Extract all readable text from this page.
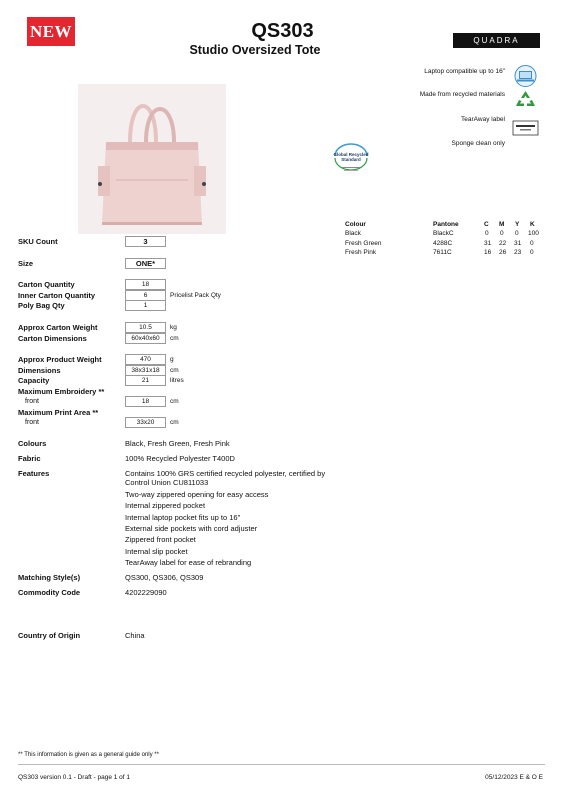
NEW	QS303
Studio Oversized Tote
QUADRA
Laptop compatible up to 16"
Made from recycled materials
TearAway label
Sponge clean only
Global Recycled
Standard
Colour	Pantone	C M Y K
Black	BlackC	0 0 0 100
Fresh Green	4288C	31 22 31 0
Fresh Pink	7611C	16 26 23 0
SKU Count	3
Size	ONE*
Carton Quantity	18
Inner Carton Quantity	6	Pricelist Pack Qty
Poly Bag Qty	1
Approx Carton Weight	10.5	kg
Carton Dimensions	60x40x60	cm
Approx Product Weight	470	g
Dimensions	38x31x18	cm
Capacity	21	litres
Maximum Embroidery **
front	18	cm
Maximum Print Area **
front	33x20	cm
Colours	Black, Fresh Green, Fresh Pink
Fabric	100% Recycled Polyester T400D
Features	Contains 100% GRS certified recycled polyester, certified by
Control Union CU811033
Two-way zippered opening for easy access
Internal zippered pocket
Internal laptop pocket fits up to 16"
External side pockets with cord adjuster
Zippered front pocket
Internal slip pocket
TearAway label for ease of rebranding
Matching Style(s)	QS300, QS306, QS309
Commodity Code	4202229090
Country of Origin	China
** This information is given as a general guide only **
QS303 version 0.1 - Draft - page 1 of 1	05/12/2023 E & O E
